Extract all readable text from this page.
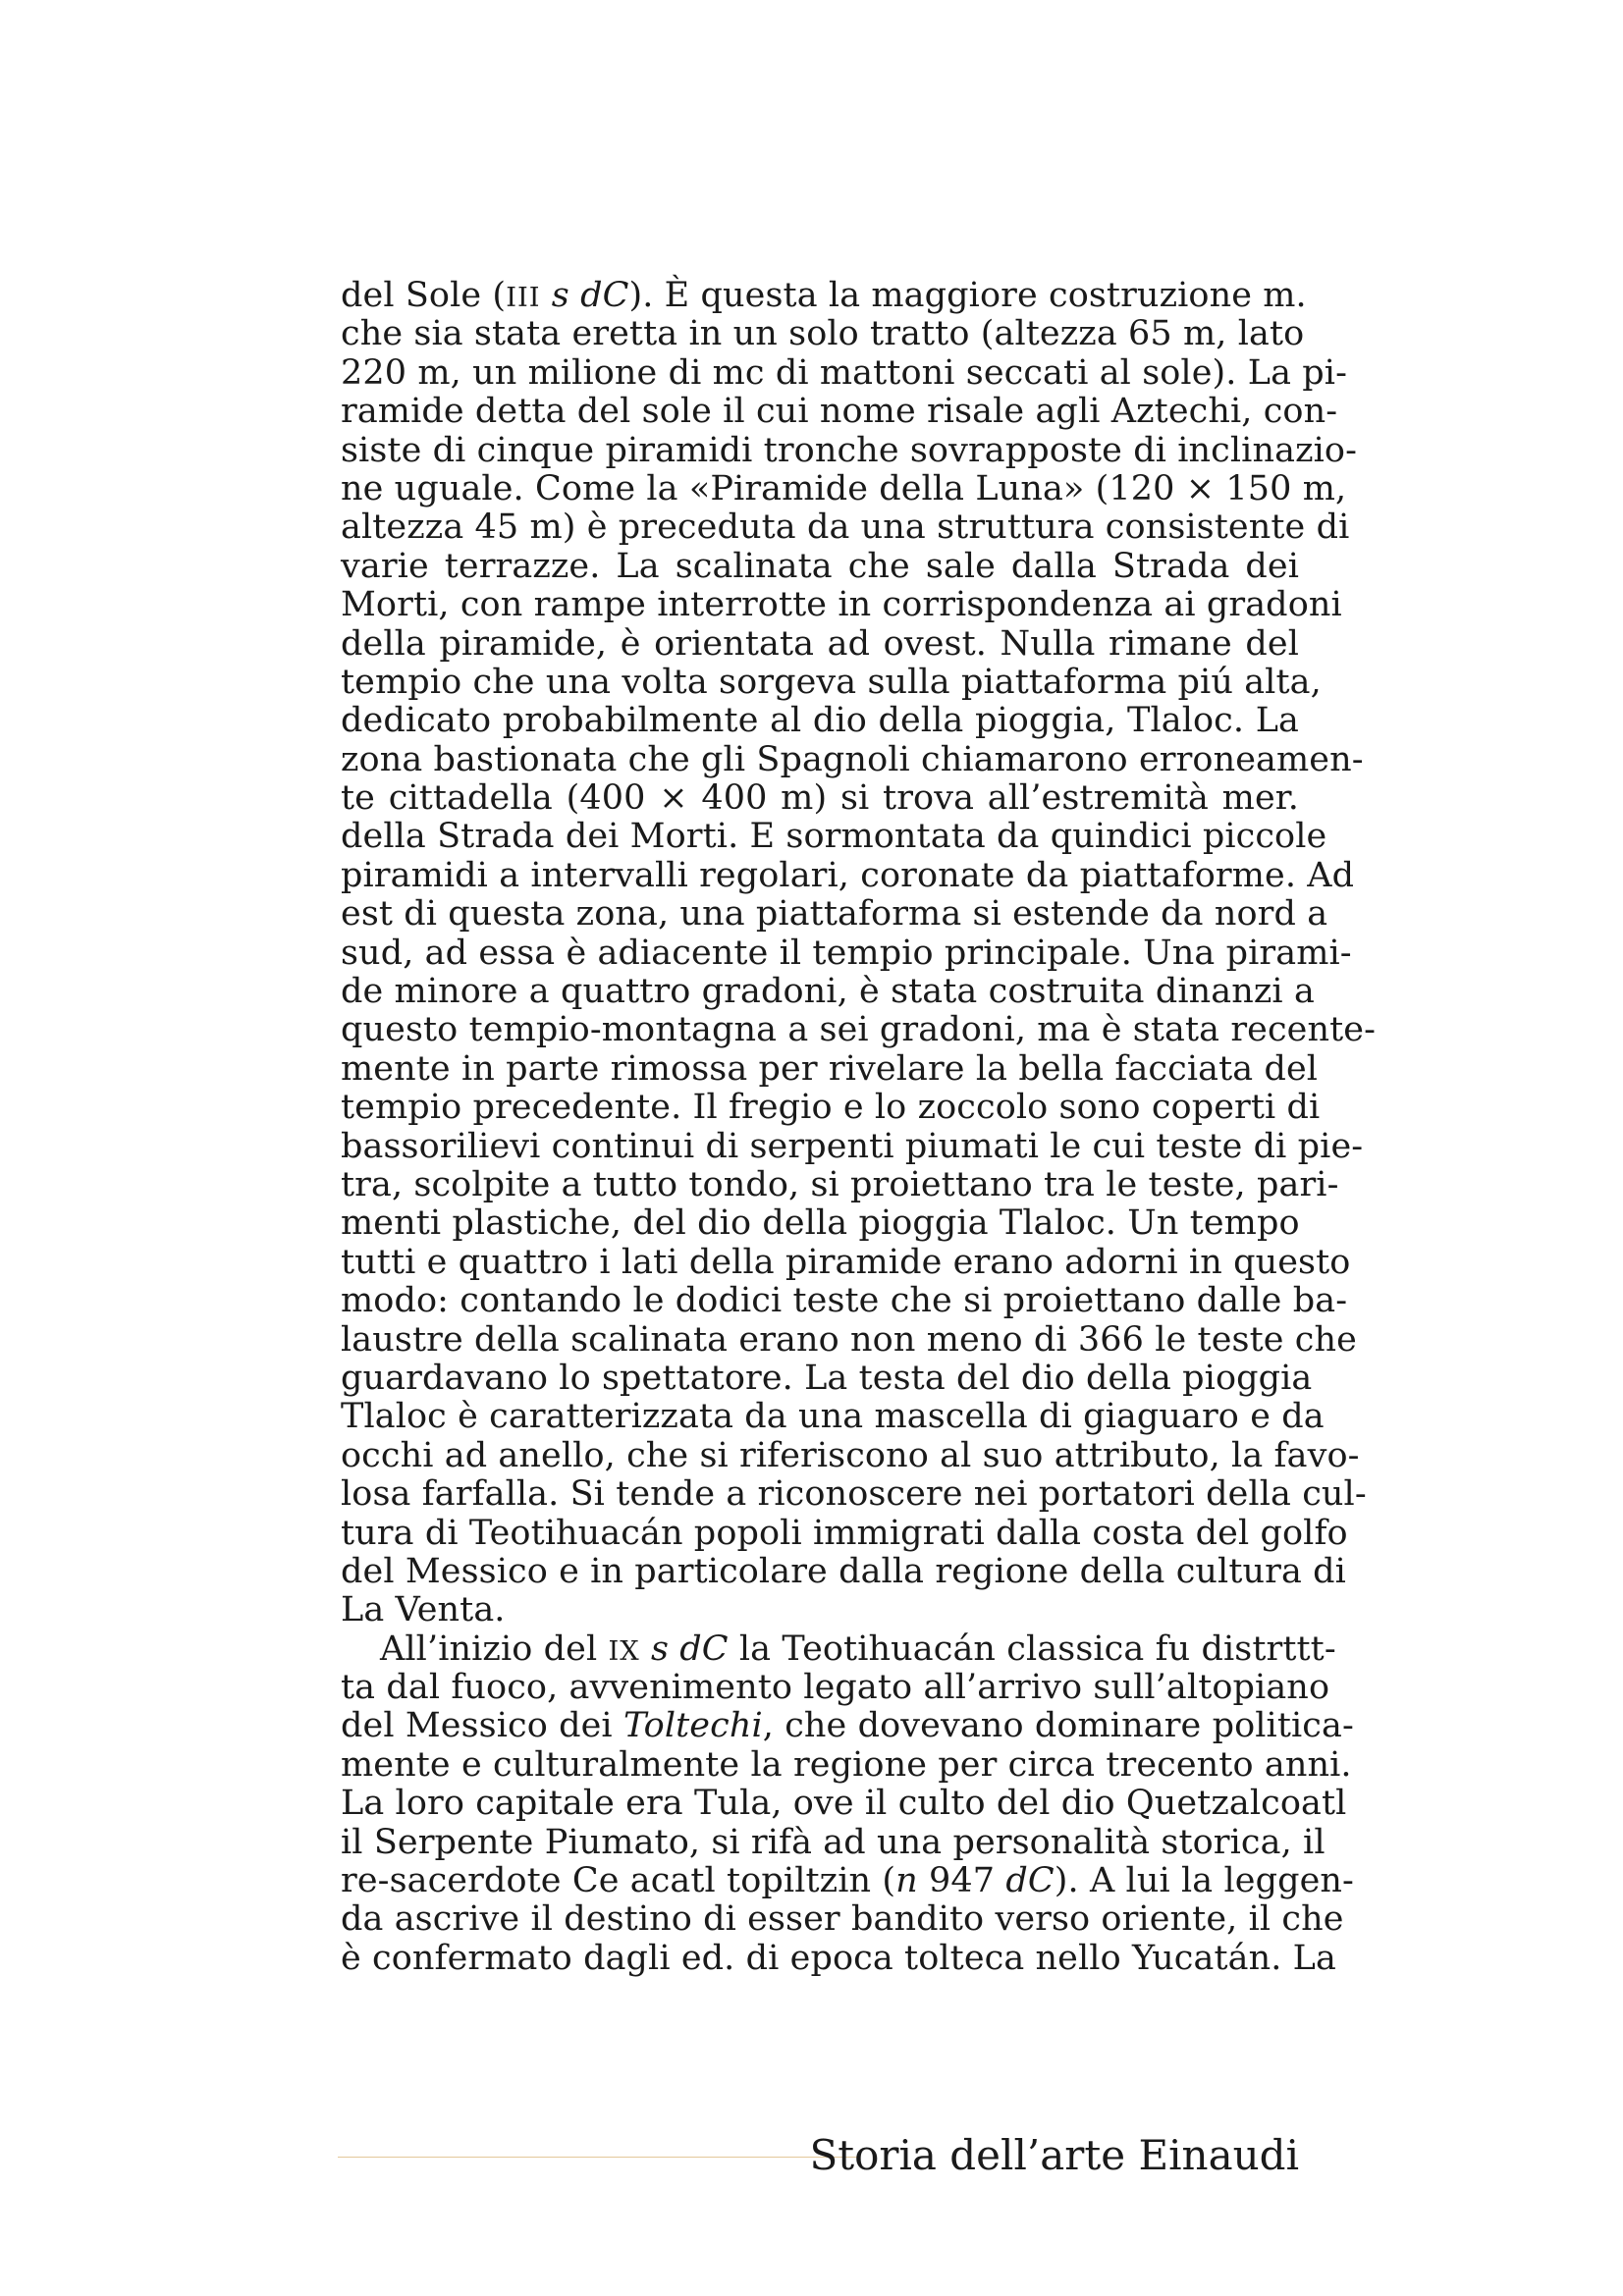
del Sole (III s dC). È questa la maggiore costruzione m.
che sia stata eretta in un solo tratto (altezza 65 m, lato
220 m, un milione di mc di mattoni seccati al sole). La pi-
ramide detta del sole il cui nome risale agli Aztechi, con-
siste di cinque piramidi tronche sovrapposte di inclinazio-
ne uguale. Come la «Piramide della Luna» (120 × 150 m,
altezza 45 m) è preceduta da una struttura consistente di
varie terrazze. La scalinata che sale dalla Strada dei
Morti, con rampe interrotte in corrispondenza ai gradoni
della piramide, è orientata ad ovest. Nulla rimane del
tempio che una volta sorgeva sulla piattaforma piú alta,
dedicato probabilmente al dio della pioggia, Tlaloc. La
zona bastionata che gli Spagnoli chiamarono erroneamen-
te cittadella (400 × 400 m) si trova all’estremità mer.
della Strada dei Morti. E sormontata da quindici piccole
piramidi a intervalli regolari, coronate da piattaforme. Ad
est di questa zona, una piattaforma si estende da nord a
sud, ad essa è adiacente il tempio principale. Una pirami-
de minore a quattro gradoni, è stata costruita dinanzi a
questo tempio-montagna a sei gradoni, ma è stata recente-
mente in parte rimossa per rivelare la bella facciata del
tempio precedente. Il fregio e lo zoccolo sono coperti di
bassorilievi continui di serpenti piumati le cui teste di pie-
tra, scolpite a tutto tondo, si proiettano tra le teste, pari-
menti plastiche, del dio della pioggia Tlaloc. Un tempo
tutti e quattro i lati della piramide erano adorni in questo
modo: contando le dodici teste che si proiettano dalle ba-
laustre della scalinata erano non meno di 366 le teste che
guardavano lo spettatore. La testa del dio della pioggia
Tlaloc è caratterizzata da una mascella di giaguaro e da
occhi ad anello, che si riferiscono al suo attributo, la favo-
losa farfalla. Si tende a riconoscere nei portatori della cul-
tura di Teotihuacán popoli immigrati dalla costa del golfo
del Messico e in particolare dalla regione della cultura di
La Venta.
All’inizio del IX s dC la Teotihuacán classica fu distrttt-
ta dal fuoco, avvenimento legato all’arrivo sull’altopiano
del Messico dei Toltechi, che dovevano dominare politica-
mente e culturalmente la regione per circa trecento anni.
La loro capitale era Tula, ove il culto del dio Quetzalcoatl
il Serpente Piumato, si rifà ad una personalità storica, il
re-sacerdote Ce acatl topiltzin (n 947 dC). A lui la leggen-
da ascrive il destino di esser bandito verso oriente, il che
è confermato dagli ed. di epoca tolteca nello Yucatán. La
Storia dell’arte Einaudi
